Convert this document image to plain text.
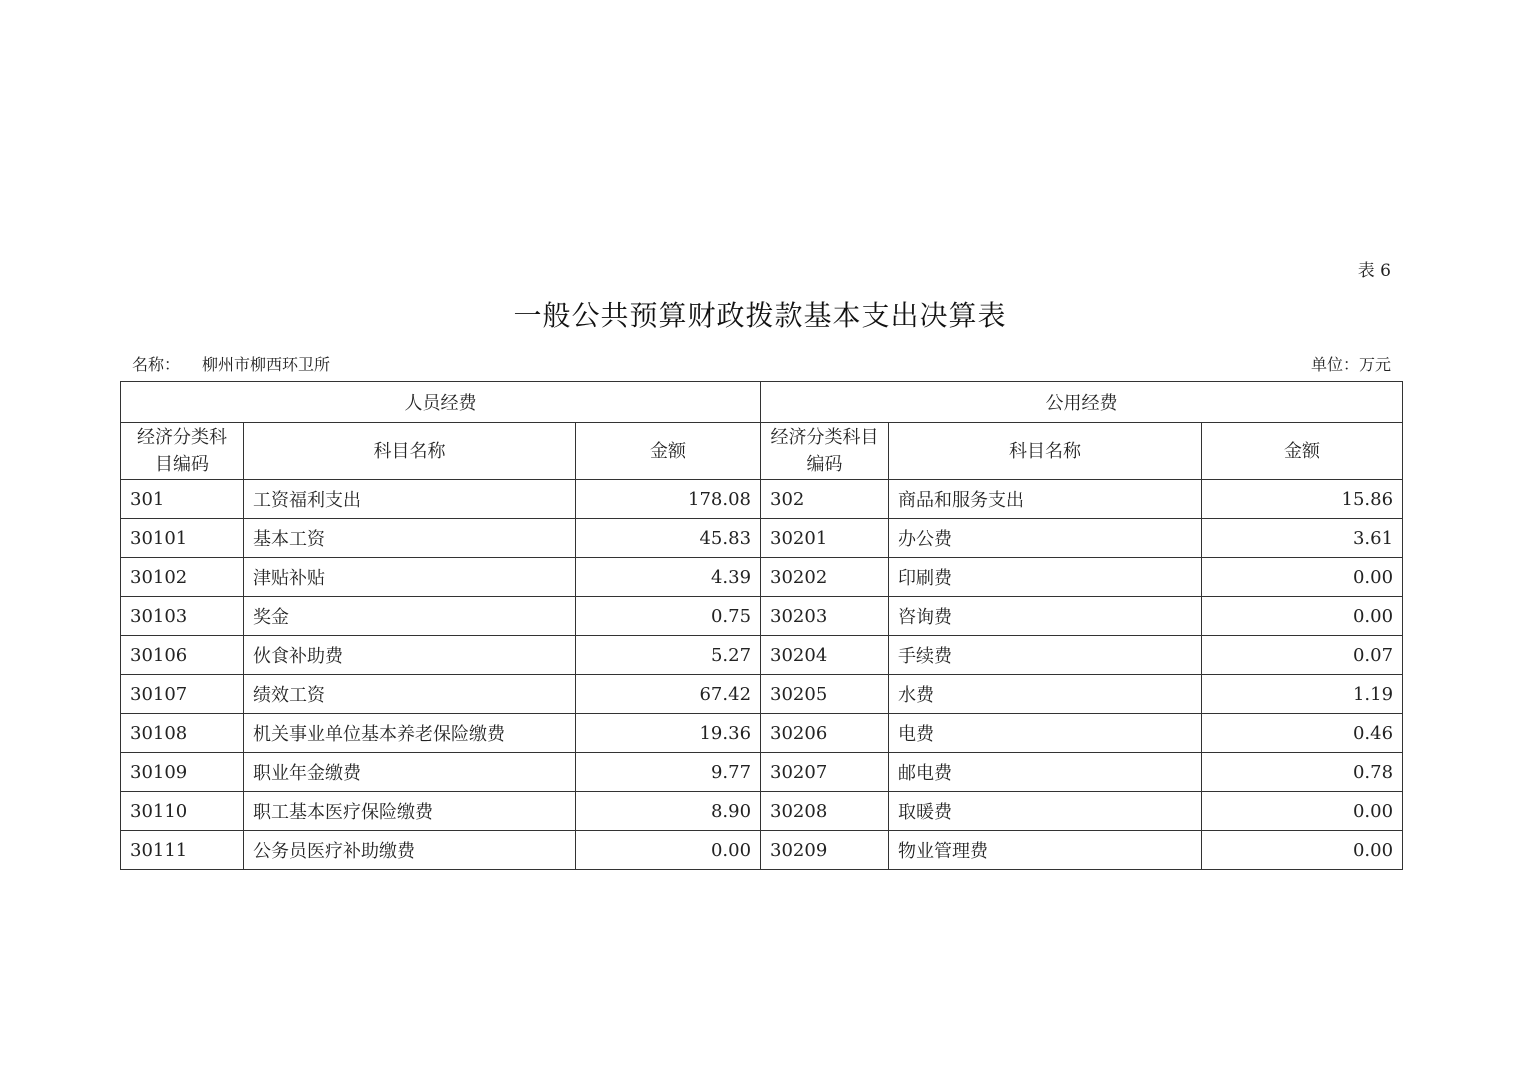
表 6
一般公共预算财政拨款基本支出决算表
名称： 柳州市柳西环卫所	单位：万元
人员经费			公用经费		
经济分类科目编码	科目名称	金额	经济分类科目编码	科目名称	金额
301	工资福利支出	178.08	302	商品和服务支出	15.86
30101	基本工资	45.83	30201	办公费	3.61
30102	津贴补贴	4.39	30202	印刷费	0.00
30103	奖金	0.75	30203	咨询费	0.00
30106	伙食补助费	5.27	30204	手续费	0.07
30107	绩效工资	67.42	30205	水费	1.19
30108	机关事业单位基本养老保险缴费	19.36	30206	电费	0.46
30109	职业年金缴费	9.77	30207	邮电费	0.78
30110	职工基本医疗保险缴费	8.90	30208	取暖费	0.00
30111	公务员医疗补助缴费	0.00	30209	物业管理费	0.00
